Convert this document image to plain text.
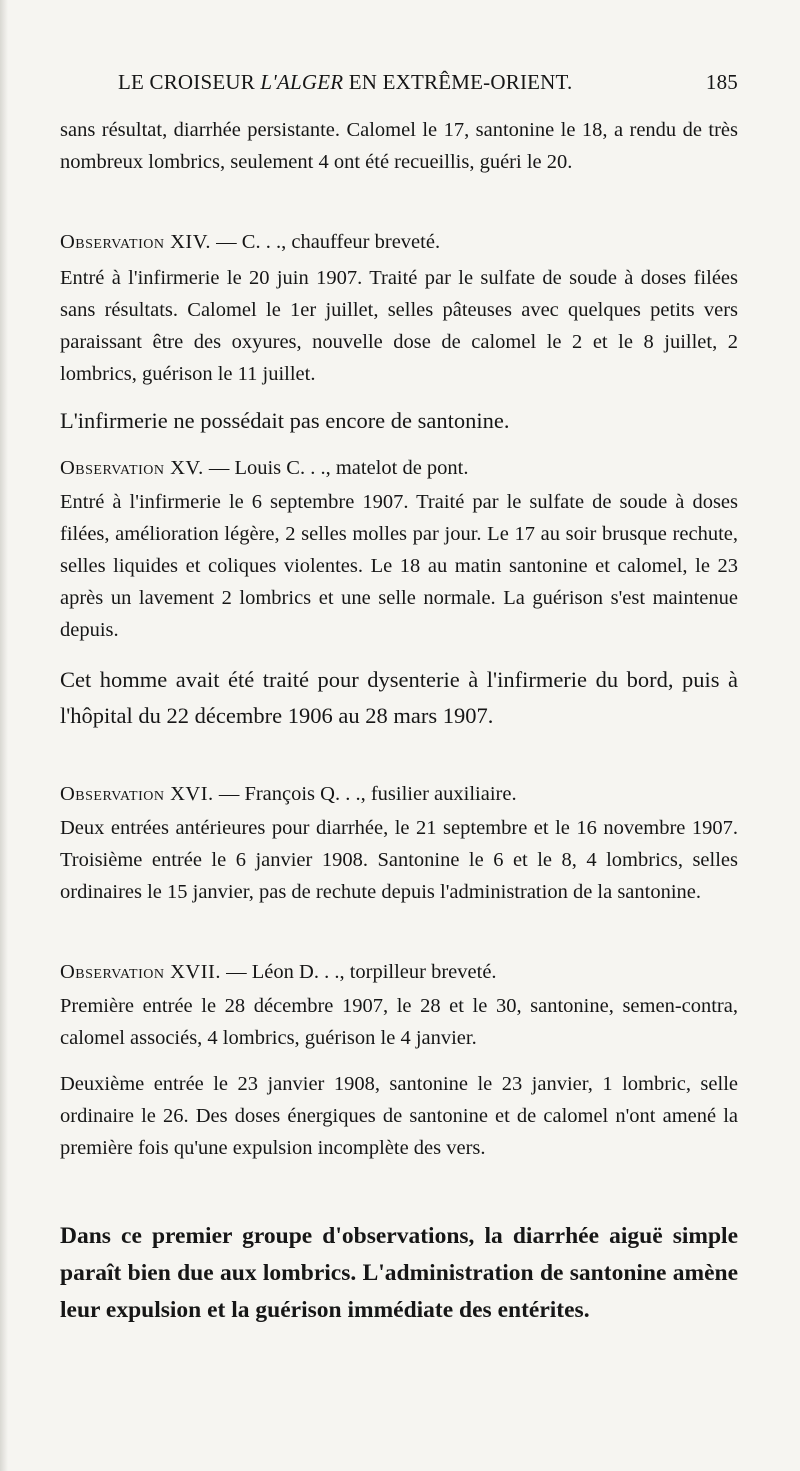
LE CROISEUR L'ALGER EN EXTRÊME-ORIENT.	185

sans résultat, diarrhée persistante. Calomel le 17, santonine le 18, a rendu de très nombreux lombrics, seulement 4 ont été recueillis, guéri le 20.

Observation XIV. — C. . ., chauffeur breveté.

Entré à l'infirmerie le 20 juin 1907. Traité par le sulfate de soude à doses filées sans résultats. Calomel le 1er juillet, selles pâteuses avec quelques petits vers paraissant être des oxyures, nouvelle dose de calomel le 2 et le 8 juillet, 2 lombrics, guérison le 11 juillet.

L'infirmerie ne possédait pas encore de santonine.

Observation XV. — Louis C. . ., matelot de pont.

Entré à l'infirmerie le 6 septembre 1907. Traité par le sulfate de soude à doses filées, amélioration légère, 2 selles molles par jour. Le 17 au soir brusque rechute, selles liquides et coliques violentes. Le 18 au matin santonine et calomel, le 23 après un lavement 2 lombrics et une selle normale. La guérison s'est maintenue depuis.

Cet homme avait été traité pour dysenterie à l'infirmerie du bord, puis à l'hôpital du 22 décembre 1906 au 28 mars 1907.

Observation XVI. — François Q. . ., fusilier auxiliaire.

Deux entrées antérieures pour diarrhée, le 21 septembre et le 16 novembre 1907. Troisième entrée le 6 janvier 1908. Santonine le 6 et le 8, 4 lombrics, selles ordinaires le 15 janvier, pas de rechute depuis l'administration de la santonine.

Observation XVII. — Léon D. . ., torpilleur breveté.

Première entrée le 28 décembre 1907, le 28 et le 30, santonine, semen-contra, calomel associés, 4 lombrics, guérison le 4 janvier.

Deuxième entrée le 23 janvier 1908, santonine le 23 janvier, 1 lombric, selle ordinaire le 26. Des doses énergiques de santonine et de calomel n'ont amené la première fois qu'une expulsion incomplète des vers.

Dans ce premier groupe d'observations, la diarrhée aiguë simple paraît bien due aux lombrics. L'administration de santonine amène leur expulsion et la guérison immédiate des entérites.
